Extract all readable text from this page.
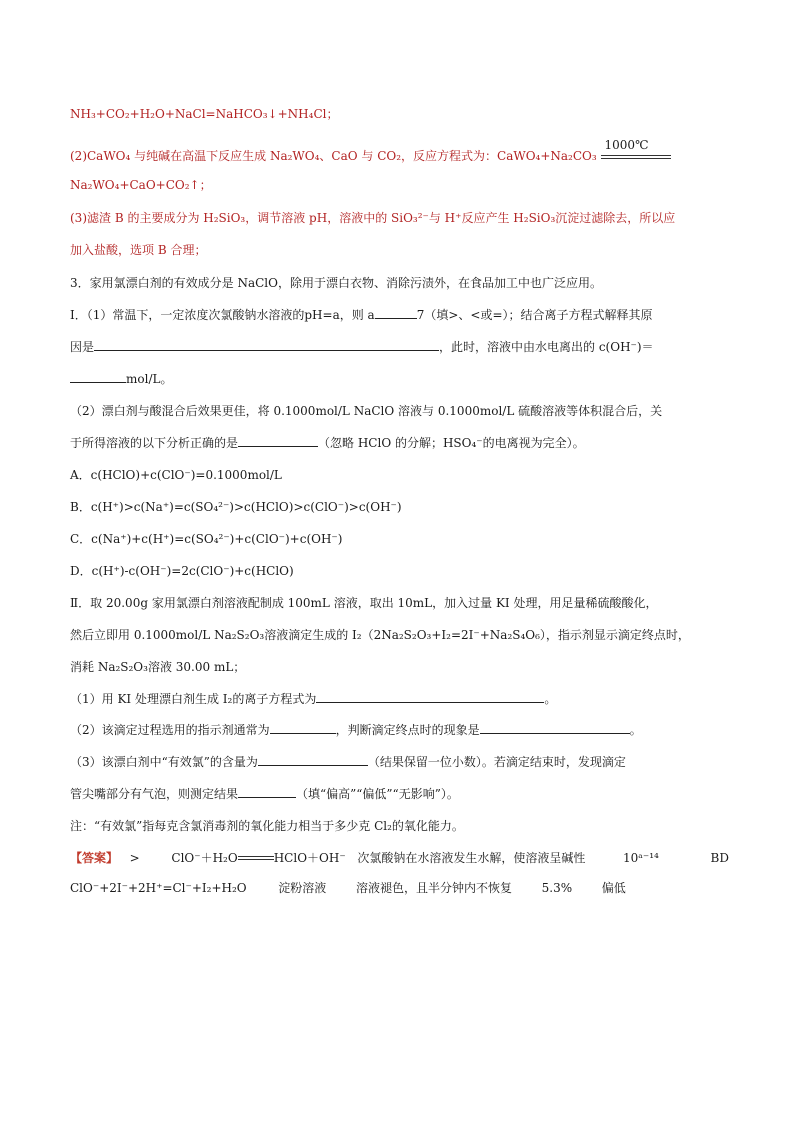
NH₃+CO₂+H₂O+NaCl=NaHCO₃↓+NH₄Cl；
(2)CaWO₄ 与纯碱在高温下反应生成 Na₂WO₄、CaO 与 CO₂，反应方程式为：CaWO₄+Na₂CO₃
1000℃
Na₂WO₄+CaO+CO₂↑；
(3)滤渣 B 的主要成分为 H₂SiO₃，调节溶液 pH，溶液中的 SiO₃²⁻与 H⁺反应产生 H₂SiO₃沉淀过滤除去，所以应
加入盐酸，选项 B 合理；
3．家用氯漂白剂的有效成分是 NaClO，除用于漂白衣物、消除污渍外，在食品加工中也广泛应用。
Ⅰ．（1）常温下，一定浓度次氯酸钠水溶液的pH=a，则 a	7（填>、<或=）；结合离子方程式解释其原
因是	，此时，溶液中由水电离出的 c(OH⁻)＝
mol/L。
（2）漂白剂与酸混合后效果更佳，将 0.1000mol/L NaClO 溶液与 0.1000mol/L 硫酸溶液等体积混合后，关
于所得溶液的以下分析正确的是	（忽略 HClO 的分解；HSO₄⁻的电离视为完全）。
A．c(HClO)+c(ClO⁻)=0.1000mol/L
B．c(H⁺)>c(Na⁺)=c(SO₄²⁻)>c(HClO)>c(ClO⁻)>c(OH⁻)
C．c(Na⁺)+c(H⁺)=c(SO₄²⁻)+c(ClO⁻)+c(OH⁻)
D．c(H⁺)-c(OH⁻)=2c(ClO⁻)+c(HClO)
Ⅱ．取 20.00g 家用氯漂白剂溶液配制成 100mL 溶液，取出 10mL，加入过量 KI 处理，用足量稀硫酸酸化，
然后立即用 0.1000mol/L Na₂S₂O₃溶液滴定生成的 I₂（2Na₂S₂O₃+I₂=2I⁻+Na₂S₄O₆），指示剂显示滴定终点时，
消耗 Na₂S₂O₃溶液 30.00 mL；
（1）用 KI 处理漂白剂生成 I₂的离子方程式为	。
（2）该滴定过程选用的指示剂通常为	，判断滴定终点时的现象是	。
（3）该漂白剂中“有效氯”的含量为	（结果保留一位小数）。若滴定结束时，发现滴定
管尖嘴部分有气泡，则测定结果	（填“偏高”“偏低”“无影响”）。
注：“有效氯”指每克含氯消毒剂的氧化能力相当于多少克 Cl₂的氧化能力。
【答案】 >	ClO⁻＋H₂O	HClO＋OH⁻ 次氯酸钠在水溶液发生水解，使溶液呈碱性	10ᵃ⁻¹⁴	BD
ClO⁻+2I⁻+2H⁺=Cl⁻+I₂+H₂O	淀粉溶液 溶液褪色，且半分钟内不恢复 5.3% 偏低
